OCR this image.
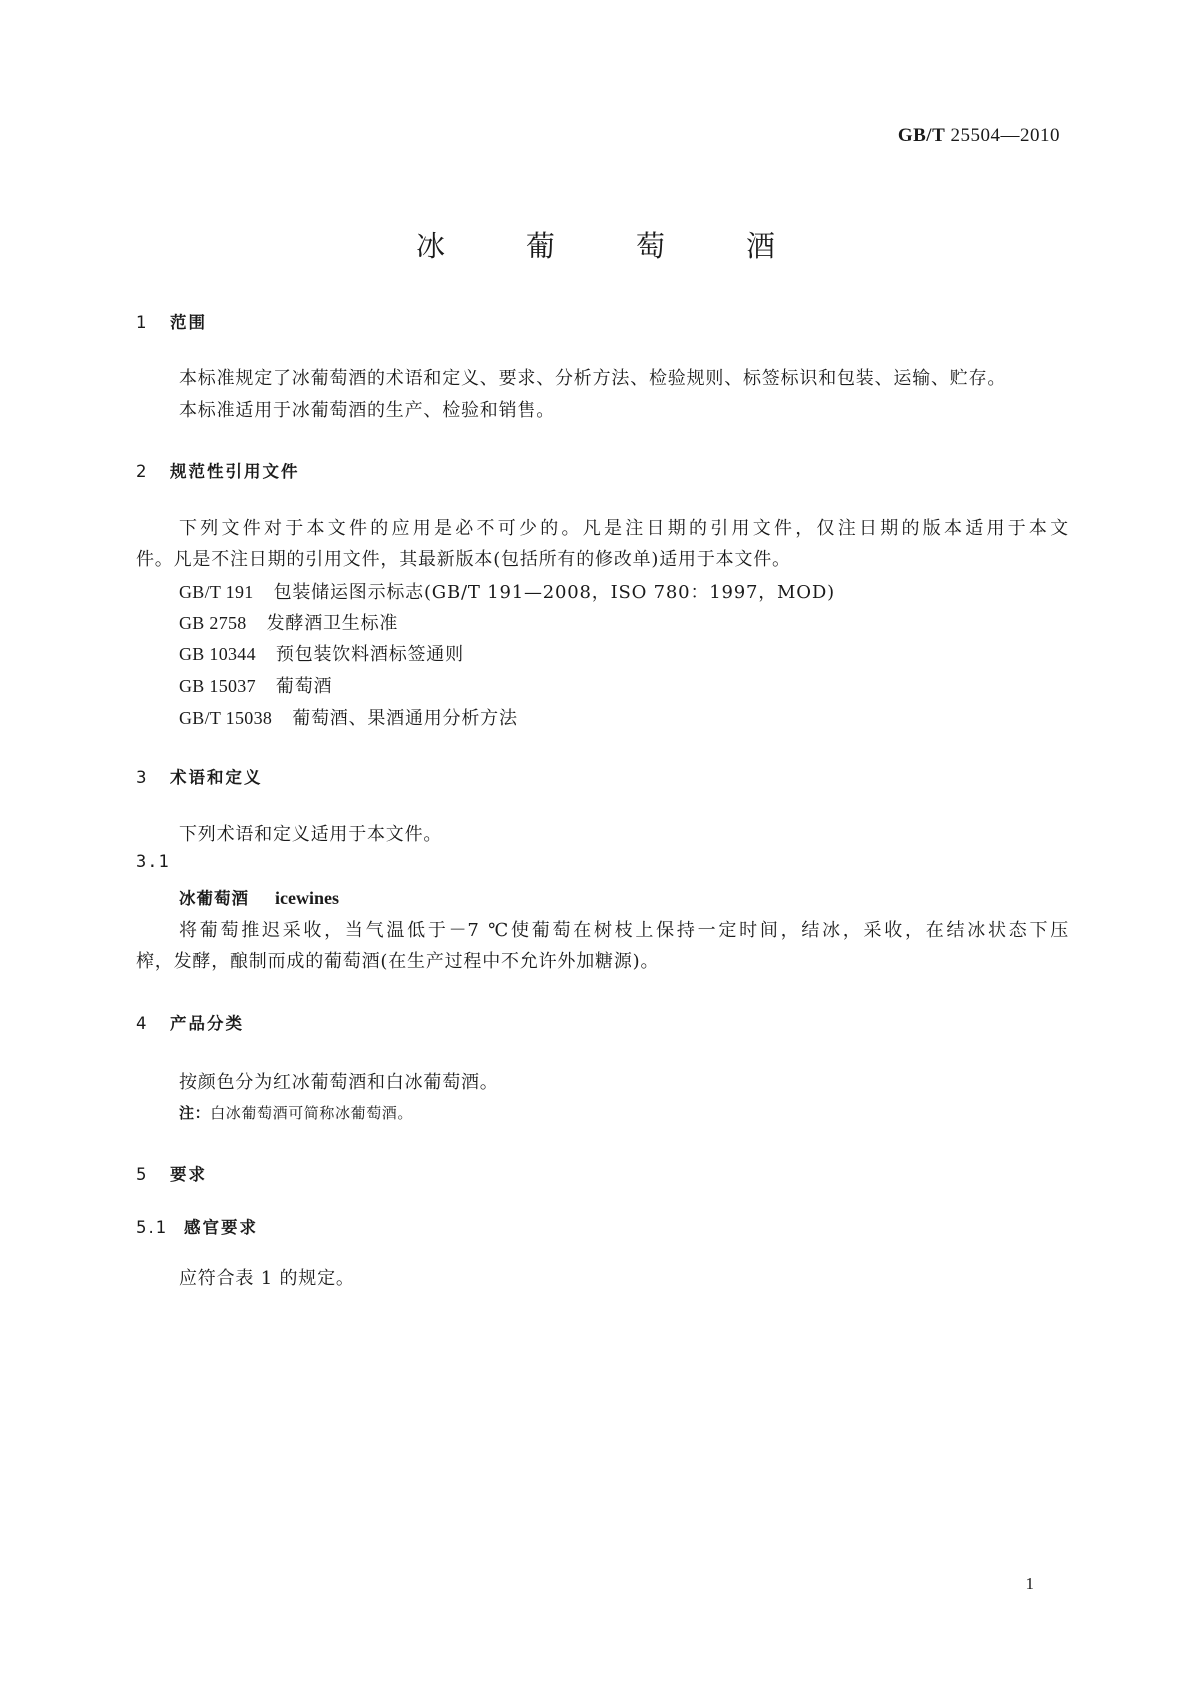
GB/T 25504—2010
冰　葡　萄　酒
1 范围
本标准规定了冰葡萄酒的术语和定义、要求、分析方法、检验规则、标签标识和包装、运输、贮存。
本标准适用于冰葡萄酒的生产、检验和销售。
2 规范性引用文件
下列文件对于本文件的应用是必不可少的。凡是注日期的引用文件，仅注日期的版本适用于本文
件。凡是不注日期的引用文件，其最新版本(包括所有的修改单)适用于本文件。
GB/T 191 包装储运图示标志(GB/T 191—2008，ISO 780：1997，MOD)
GB 2758 发酵酒卫生标准
GB 10344 预包装饮料酒标签通则
GB 15037 葡萄酒
GB/T 15038 葡萄酒、果酒通用分析方法
3 术语和定义
下列术语和定义适用于本文件。
3.1
冰葡萄酒 icewines
将葡萄推迟采收，当气温低于－7 ℃使葡萄在树枝上保持一定时间，结冰，采收，在结冰状态下压
榨，发酵，酿制而成的葡萄酒(在生产过程中不允许外加糖源)。
4 产品分类
按颜色分为红冰葡萄酒和白冰葡萄酒。
注：白冰葡萄酒可简称冰葡萄酒。
5 要求
5.1 感官要求
应符合表 1 的规定。
1
